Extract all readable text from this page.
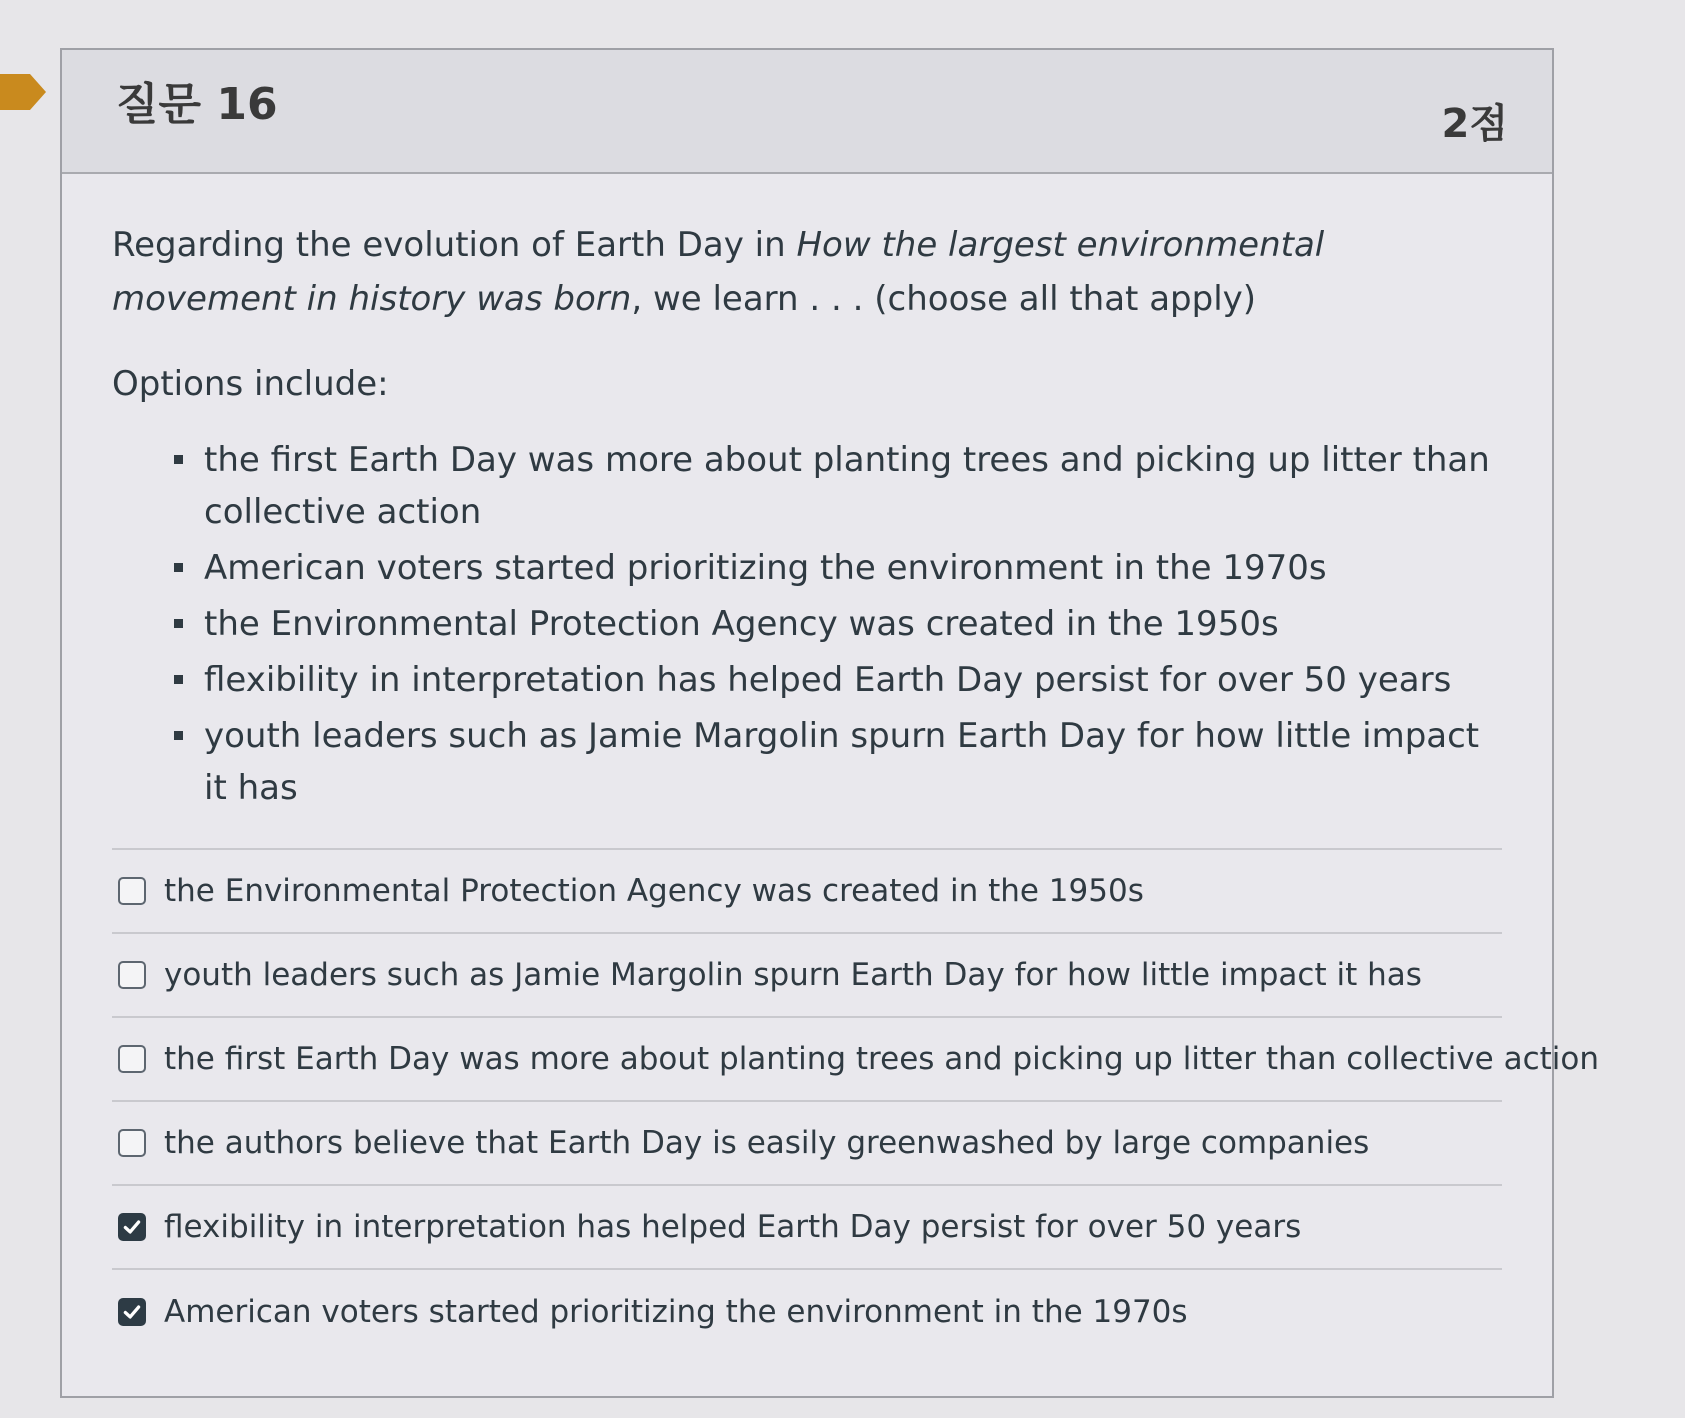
질문 16	2점

Regarding the evolution of Earth Day in How the largest environmental movement in history was born, we learn . . . (choose all that apply)

Options include:
the first Earth Day was more about planting trees and picking up litter than collective action
American voters started prioritizing the environment in the 1970s
the Environmental Protection Agency was created in the 1950s
flexibility in interpretation has helped Earth Day persist for over 50 years
youth leaders such as Jamie Margolin spurn Earth Day for how little impact it has
the Environmental Protection Agency was created in the 1950s
youth leaders such as Jamie Margolin spurn Earth Day for how little impact it has
the first Earth Day was more about planting trees and picking up litter than collective action
the authors believe that Earth Day is easily greenwashed by large companies
flexibility in interpretation has helped Earth Day persist for over 50 years
American voters started prioritizing the environment in the 1970s
